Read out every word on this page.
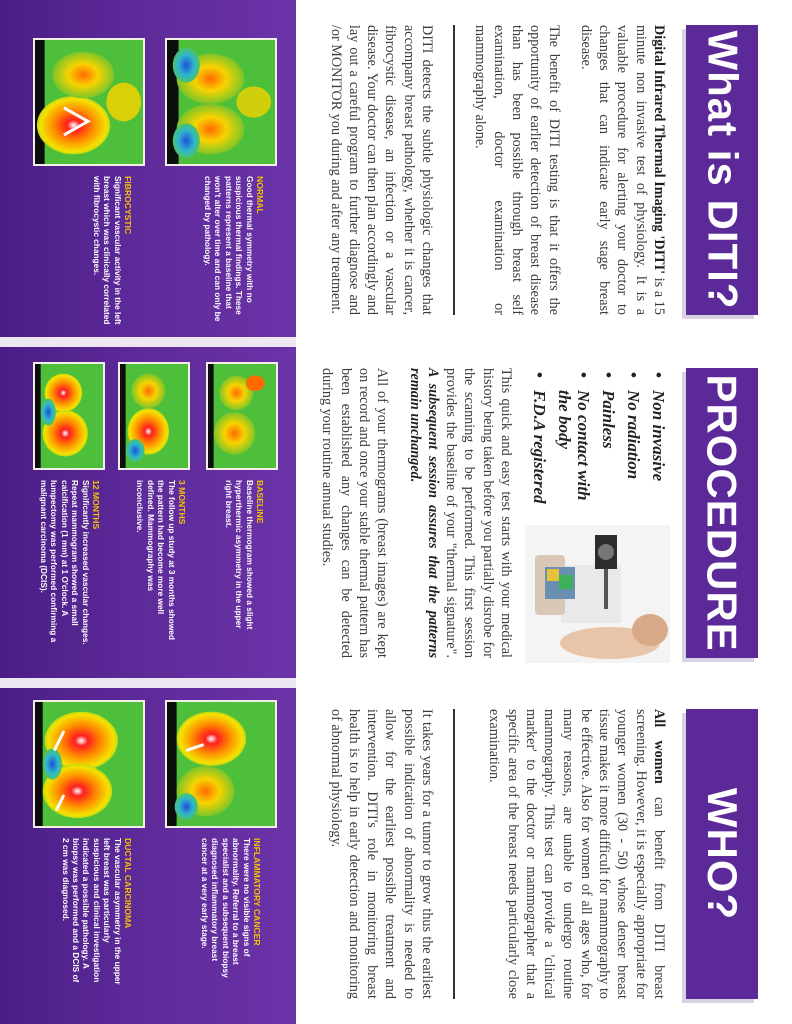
What is DITI?
PROCEDURE
WHO?

Digital Infrared Thermal Imaging 'DITI' is a 15 minute non invasive test of physiology. It is a valuable procedure for alerting your doctor to changes that can indicate early stage breast disease.

The benefit of DITI testing is that it offers the opportunity of earlier detection of breast disease than has been possible through breast self examination, doctor examination or mammography alone.

DITI detects the subtle physiologic changes that accompany breast pathology, whether it is cancer, fibrocystic disease, an infection or a vascular disease. Your doctor can then plan accordingly and lay out a careful program to further diagnose and /or MONITOR you during and after any treatment.

• Non invasive
• No radiation
• Painless
• No contact with the body
• F.D.A registered

This quick and easy test starts with your medical history being taken before you partially disrobe for the scanning to be performed. This first session provides the baseline of your "thermal signature". A subsequent session assures that the patterns remain unchanged.

All of your thermograms (breast images) are kept on record and once your stable thermal pattern has been established any changes can be detected during your routine annual studies.

All women can benefit from DITI breast screening. However, it is especially appropriate for younger women (30 - 50) whose denser breast tissue makes it more difficult for mammography to be effective. Also for women of all ages who, for many reasons, are unable to undergo routine mammography. This test can provide a 'clinical marker' to the doctor or mammographer that a specific area of the breast needs particularly close examination.

It takes years for a tumor to grow thus the earliest possible indication of abnormality is needed to allow for the earliest possible treatment and intervention. DITI's role in monitoring breast health is to help in early detection and monitoring of abnormal physiology.

NORMAL
Good thermal symmetry with no suspicious thermal findings. These patterns represent a baseline that won't alter over time and can only be changed by pathology.
FIBROCYSTIC
Significant vascular activity in the left breast which was clinically correlated with fibrocystic changes.
BASELINE
Baseline thermogram showed a slight hyperthermic asymmetry in the upper right breast.
3 MONTHS
The follow up study at 3 months showed the pattern had become more well defined. Mammography was inconclusive.
12 MONTHS
Significantly increased vascular changes. Repeat mammogram showed a small calcification (1 mm) at 1 O'clock. A lumpectomy was performed confirming a malignant carcinoma (DCIS).
INFLAMMATORY CANCER
There were no visible signs of abnormality. Referral to a breast specialist and a subsequent biopsy diagnosed inflammatory breast cancer at a very early stage.
DUCTAL CARCINOMA
The vascular asymmetry in the upper left breast was particularly suspicious and clinical investigation indicated a possible pathology. A biopsy was performed and a DCIS of 2 cm was diagnosed.
